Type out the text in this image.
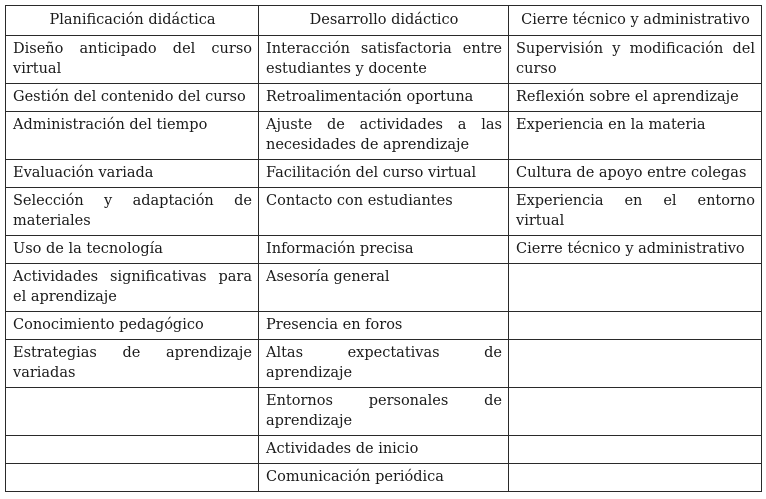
Planificación didáctica	Desarrollo didáctico	Cierre técnico y administrativo
Diseño anticipado del curso virtual	Interacción satisfactoria entre estudiantes y docente	Supervisión y modificación del curso
Gestión del contenido del curso	Retroalimentación oportuna	Reflexión sobre el aprendizaje
Administración del tiempo	Ajuste de actividades a las necesidades de aprendizaje	Experiencia en la materia
Evaluación variada	Facilitación del curso virtual	Cultura de apoyo entre colegas
Selección y adaptación de materiales	Contacto con estudiantes	Experiencia en el entorno virtual
Uso de la tecnología	Información precisa	Cierre técnico y administrativo
Actividades significativas para el aprendizaje	Asesoría general	
Conocimiento pedagógico	Presencia en foros	
Estrategias de aprendizaje variadas	Altas expectativas de aprendizaje	
	Entornos personales de aprendizaje	
	Actividades de inicio	
	Comunicación periódica	
